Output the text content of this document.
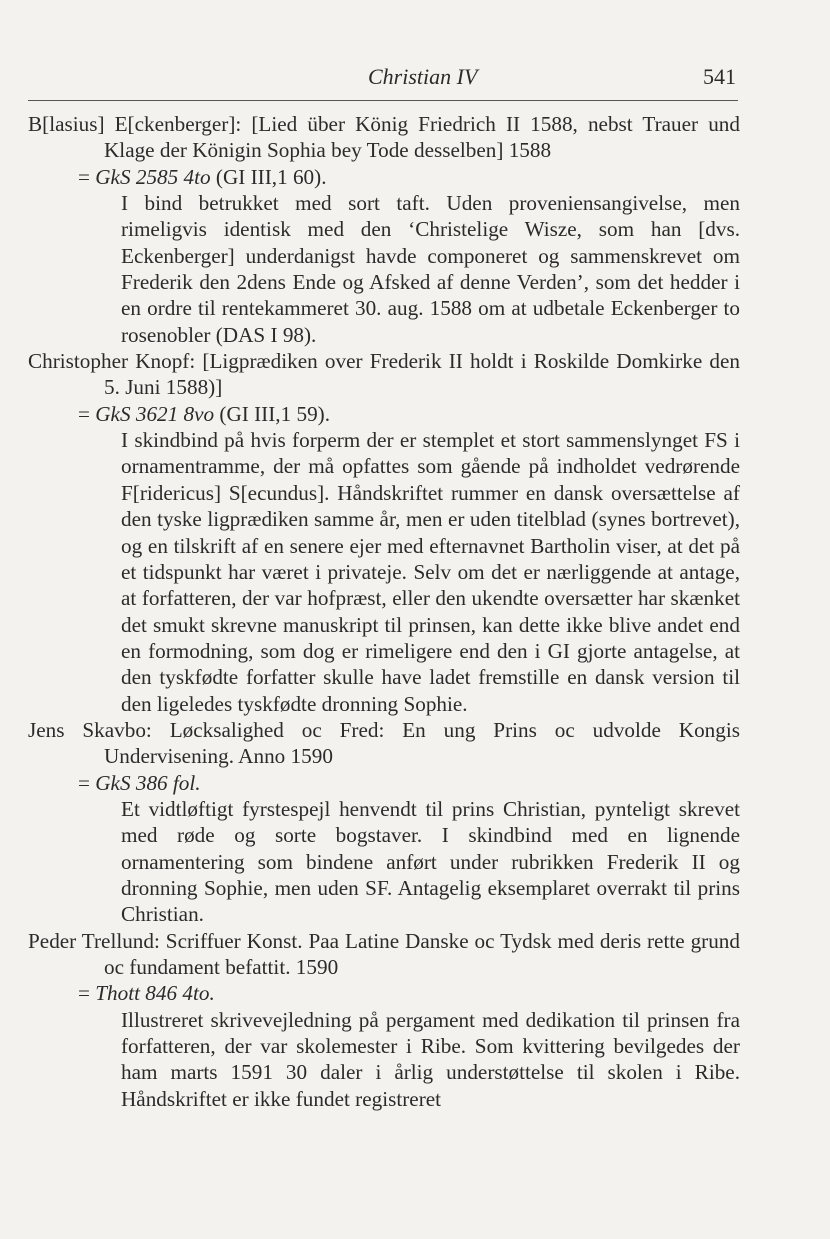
Christian IV	541

B[lasius] E[ckenberger]: [Lied über König Friedrich II 1588, nebst Trauer und Klage der Königin Sophia bey Tode desselben] 1588

= GkS 2585 4to (GI III,1 60).

I bind betrukket med sort taft. Uden proveniensangivelse, men rimeligvis identisk med den ‘Christelige Wisze, som han [dvs. Eckenberger] underdanigst havde componeret og sammenskrevet om Frederik den 2dens Ende og Afsked af denne Verden’, som det hedder i en ordre til rentekammeret 30. aug. 1588 om at udbetale Eckenberger to rosenobler (DAS I 98).

Christopher Knopf: [Ligprædiken over Frederik II holdt i Roskilde Domkirke den 5. Juni 1588)]

= GkS 3621 8vo (GI III,1 59).

I skindbind på hvis forperm der er stemplet et stort sammenslynget FS i ornamentramme, der må opfattes som gående på indholdet vedrørende F[ridericus] S[ecundus]. Håndskriftet rummer en dansk oversættelse af den tyske ligprædiken samme år, men er uden titelblad (synes bortrevet), og en tilskrift af en senere ejer med efternavnet Bartholin viser, at det på et tidspunkt har været i privateje. Selv om det er nærliggende at antage, at forfatteren, der var hofpræst, eller den ukendte oversætter har skænket det smukt skrevne manuskript til prinsen, kan dette ikke blive andet end en formodning, som dog er rimeligere end den i GI gjorte antagelse, at den tyskfødte forfatter skulle have ladet fremstille en dansk version til den ligeledes tyskfødte dronning Sophie.

Jens Skavbo: Løcksalighed oc Fred: En ung Prins oc udvolde Kongis Undervisening. Anno 1590

= GkS 386 fol.

Et vidtløftigt fyrstespejl henvendt til prins Christian, pynteligt skrevet med røde og sorte bogstaver. I skindbind med en lignende ornamentering som bindene anført under rubrikken Frederik II og dronning Sophie, men uden SF. Antagelig eksemplaret overrakt til prins Christian.

Peder Trellund: Scriffuer Konst. Paa Latine Danske oc Tydsk med deris rette grund oc fundament befattit. 1590

= Thott 846 4to.

Illustreret skrivevejledning på pergament med dedikation til prinsen fra forfatteren, der var skolemester i Ribe. Som kvittering bevilgedes der ham marts 1591 30 daler i årlig understøttelse til skolen i Ribe. Håndskriftet er ikke fundet registreret
